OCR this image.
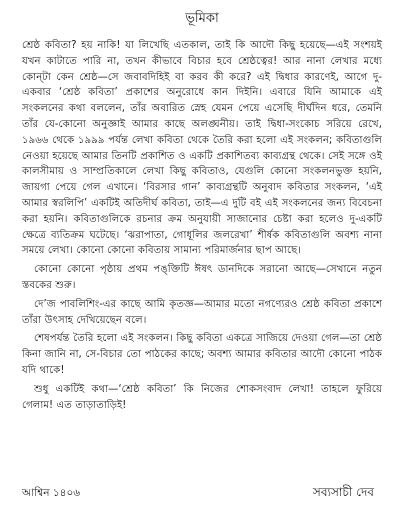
ভূমিকা

শ্রেষ্ঠ কবিতা? হয় নাকি! যা লিখেছি এতকাল, তাই কি আদৌ কিছু হয়েছে—এই সংশয়ই যখন কাটাতে পারি না, তখন কীভাবে বিচার হবে শ্রেষ্ঠত্বের! আর নানা লেখার মধ্যে কোন্‌টা কেন শ্রেষ্ঠ—সে জবাবদিহিই বা করব কী করে? এই দ্বিধার কারণেই, আগে দু-একবার ‘শ্রেষ্ঠ কবিতা’ প্রকাশের অনুরোধে কান দিইনি। এবারে যিনি আমাকে এই সংকলনের কথা বললেন, তাঁর অবারিত স্নেহ যেমন পেয়ে এসেছি দীর্ঘদিন ধরে, তেমনি তাঁর যে-কোনো অনুজ্ঞাই আমার কাছে অলঙ্ঘনীয়। তাই দ্বিধা-সংকোচ সরিয়ে রেখে, ১৯৬৬ থেকে ১৯৯৯ পর্যন্ত লেখা কবিতা থেকে তৈরি করা হলো এই সংকলন; কবিতাগুলি নেওয়া হয়েছে আমার তিনটি প্রকাশিত ও একটি প্রকাশিতব্য কাব্যগ্রন্থ থেকে। সেই সঙ্গে ওই কালসীমায় ও সাম্প্রতিকালে লেখা কিছু কবিতাও, যেগুলি কোনো সংকলনভুক্ত হয়নি, জায়গা পেয়ে গেল এখানে। ‘বিরসার গান’ কাব্যগ্রন্থটি অনুবাদ কবিতার সংকলন, ‘এই আমার স্বরলিপি’ একটিই অতিদীর্ঘ কবিতা, তাই—এ দুটি বই এই সংকলনের জন্য বিবেচনা করা হয়নি। কবিতাগুলিকে রচনার ক্রম অনুযায়ী সাজানোর চেষ্টা করা হলেও দু-একটি ক্ষেত্রে ব্যতিক্রম ঘটেছে। ‘ঝরাপাতা, গোধূলির জলরেখা’ শীর্ষক কবিতাগুলি অবশ্য নানা সময়ে লেখা। কোনো কোনো কবিতায় সামান্য পরিমার্জনার ছাপ আছে।

কোনো কোনো পৃষ্ঠায় প্রথম পঙ্‌ক্তিটি ঈষৎ ডানদিকে সরানো আছে—সেখানে নতুন স্তবকের শুরু।

দে’জ পাবলিশিং-এর কাছে আমি কৃতজ্ঞ—আমার মতো নগণ্যেরও শ্রেষ্ঠ কবিতা প্রকাশে তাঁরা উৎসাহ দেখিয়েছেন বলে।

শেষপর্যন্ত তৈরি হলো এই সংকলন। কিছু কবিতা একত্রে সাজিয়ে দেওয়া গেল—তা শ্রেষ্ঠ কিনা জানি না, সে-বিচার তো পাঠকের কাছে; অবশ্য আমার কবিতার আদৌ কোনো পাঠক যদি থাকে!

শুধু একটিই কথা—‘শ্রেষ্ঠ কবিতা’ কি নিজের শোকসংবাদ লেখা! তাহলে ফুরিয়ে গেলাম! এত তাড়াতাড়িই!

আশ্বিন ১৪০৬	সব্যসাচী দেব
